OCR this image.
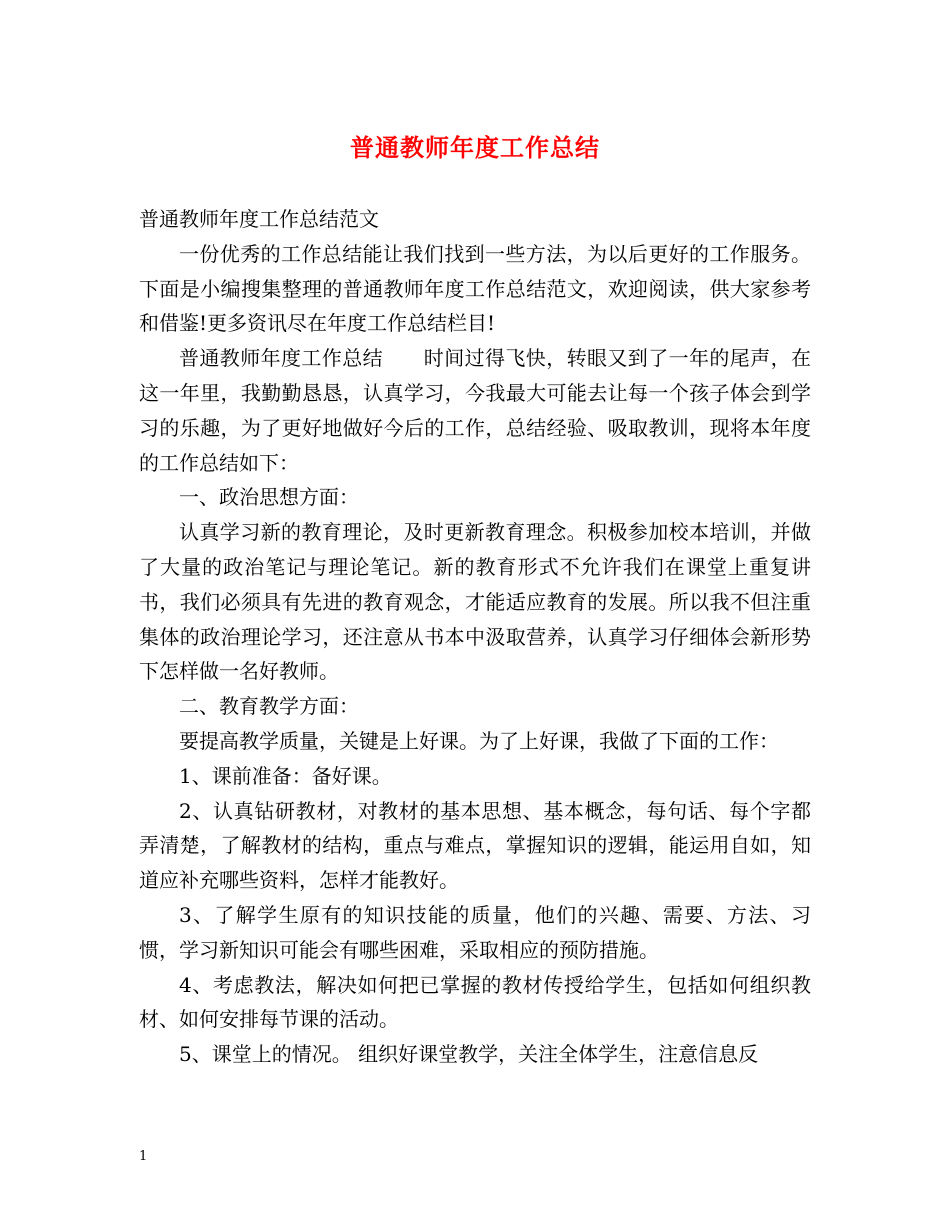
普通教师年度工作总结

普通教师年度工作总结范文

一份优秀的工作总结能让我们找到一些方法，为以后更好的工作服务。下面是小编搜集整理的普通教师年度工作总结范文，欢迎阅读，供大家参考和借鉴!更多资讯尽在年度工作总结栏目!

普通教师年度工作总结　　时间过得飞快，转眼又到了一年的尾声，在这一年里，我勤勤恳恳，认真学习，今我最大可能去让每一个孩子体会到学习的乐趣，为了更好地做好今后的工作，总结经验、吸取教训，现将本年度的工作总结如下：

一、政治思想方面：

认真学习新的教育理论，及时更新教育理念。积极参加校本培训，并做了大量的政治笔记与理论笔记。新的教育形式不允许我们在课堂上重复讲书，我们必须具有先进的教育观念，才能适应教育的发展。所以我不但注重集体的政治理论学习，还注意从书本中汲取营养，认真学习仔细体会新形势下怎样做一名好教师。

二、教育教学方面：

要提高教学质量，关键是上好课。为了上好课，我做了下面的工作：

1、课前准备：备好课。

2、认真钻研教材，对教材的基本思想、基本概念，每句话、每个字都弄清楚，了解教材的结构，重点与难点，掌握知识的逻辑，能运用自如，知道应补充哪些资料，怎样才能教好。

3、了解学生原有的知识技能的质量，他们的兴趣、需要、方法、习惯，学习新知识可能会有哪些困难，采取相应的预防措施。

4、考虑教法，解决如何把已掌握的教材传授给学生，包括如何组织教材、如何安排每节课的活动。

5、课堂上的情况。 组织好课堂教学，关注全体学生，注意信息反

1
